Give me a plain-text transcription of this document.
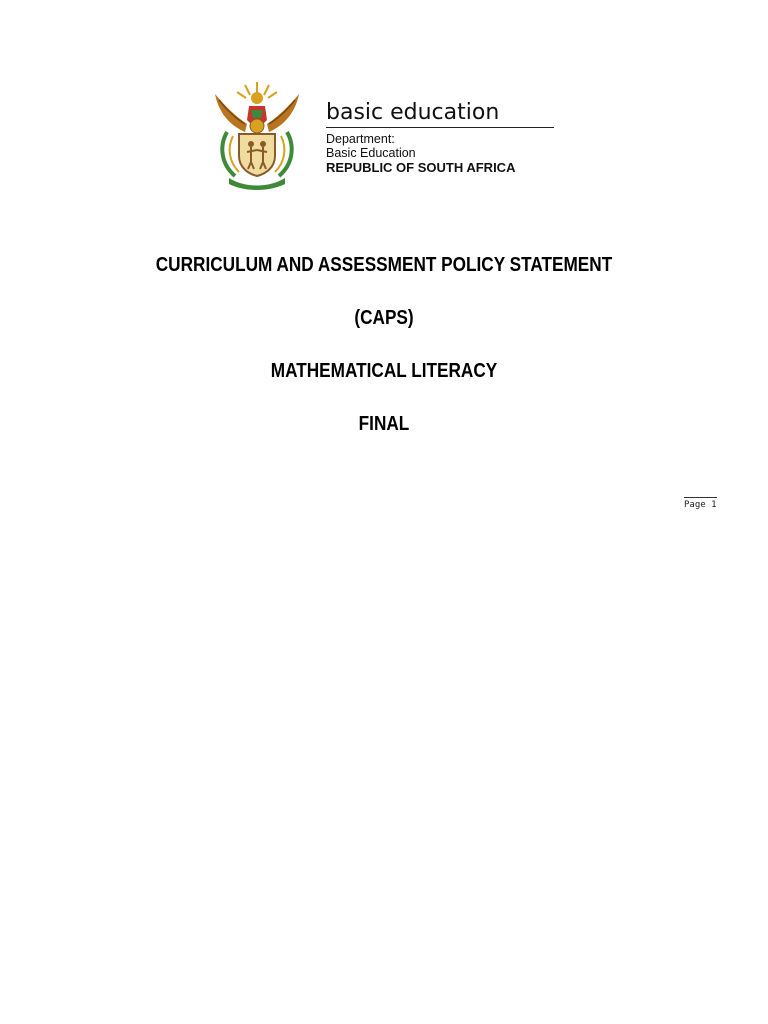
basic education
Department:
Basic Education
REPUBLIC OF SOUTH AFRICA
CURRICULUM AND ASSESSMENT POLICY STATEMENT
(CAPS)
MATHEMATICAL LITERACY
FINAL
Page 1
